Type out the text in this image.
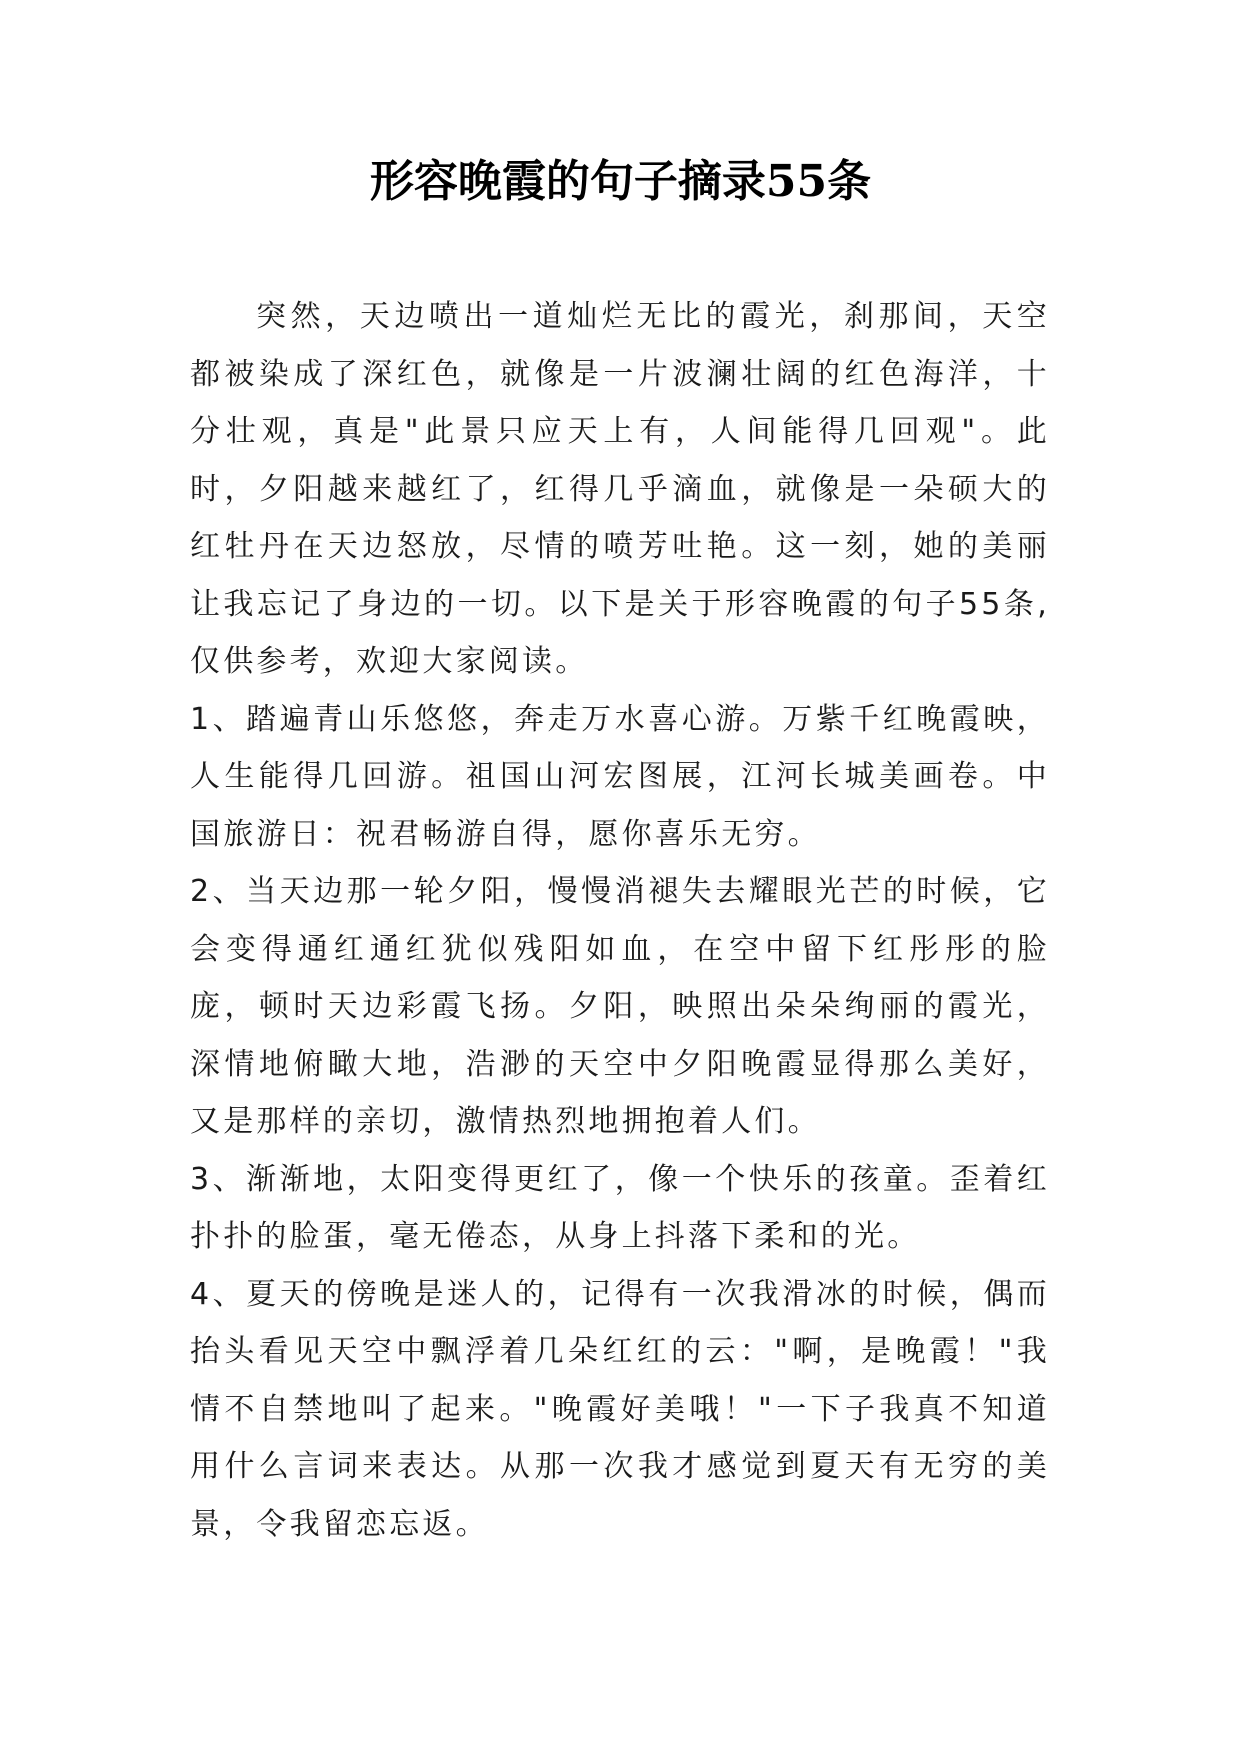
形容晚霞的句子摘录55条

突然，天边喷出一道灿烂无比的霞光，刹那间，天空都被染成了深红色，就像是一片波澜壮阔的红色海洋，十分壮观，真是"此景只应天上有，人间能得几回观"。此时，夕阳越来越红了，红得几乎滴血，就像是一朵硕大的红牡丹在天边怒放，尽情的喷芳吐艳。这一刻，她的美丽让我忘记了身边的一切。以下是关于形容晚霞的句子55条,仅供参考，欢迎大家阅读。

1、踏遍青山乐悠悠，奔走万水喜心游。万紫千红晚霞映，人生能得几回游。祖国山河宏图展，江河长城美画卷。中国旅游日：祝君畅游自得，愿你喜乐无穷。

2、当天边那一轮夕阳，慢慢消褪失去耀眼光芒的时候，它会变得通红通红犹似残阳如血，在空中留下红彤彤的脸庞，顿时天边彩霞飞扬。夕阳，映照出朵朵绚丽的霞光，深情地俯瞰大地，浩渺的天空中夕阳晚霞显得那么美好，又是那样的亲切，激情热烈地拥抱着人们。

3、渐渐地，太阳变得更红了，像一个快乐的孩童。歪着红扑扑的脸蛋，毫无倦态，从身上抖落下柔和的光。

4、夏天的傍晚是迷人的，记得有一次我滑冰的时候，偶而抬头看见天空中飘浮着几朵红红的云："啊，是晚霞！"我情不自禁地叫了起来。"晚霞好美哦！"一下子我真不知道用什么言词来表达。从那一次我才感觉到夏天有无穷的美景，令我留恋忘返。
